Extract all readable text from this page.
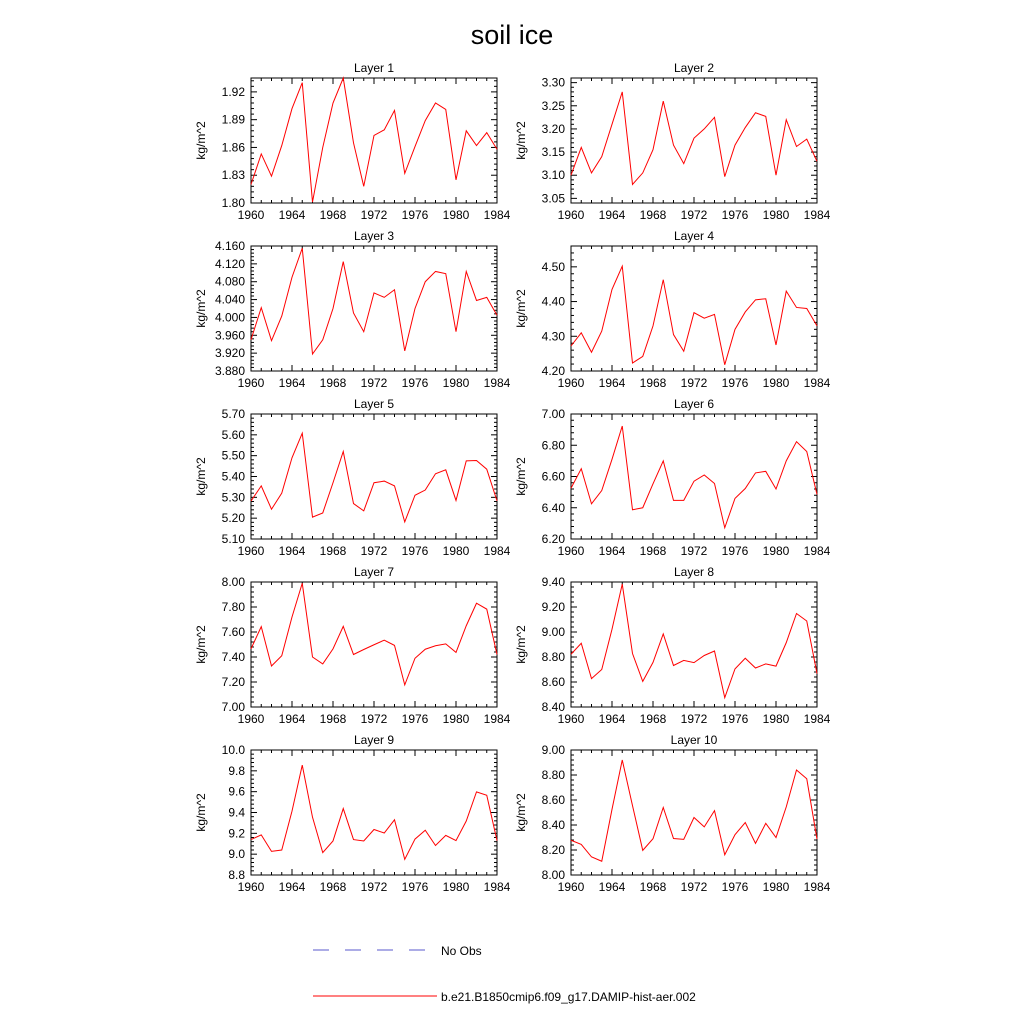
soil ice
Layer 1
kg/m^2
1960 1964 1968 1972 1976 1980 1984
1.80
1.83
1.86
1.89
1.92
Layer 2
kg/m^2
1960 1964 1968 1972 1976 1980 1984
3.05
3.10
3.15
3.20
3.25
3.30
Layer 3
kg/m^2
1960 1964 1968 1972 1976 1980 1984
3.880
3.920
3.960
4.000
4.040
4.080
4.120
4.160
Layer 4
kg/m^2
1960 1964 1968 1972 1976 1980 1984
4.20
4.30
4.40
4.50
Layer 5
kg/m^2
1960 1964 1968 1972 1976 1980 1984
5.10
5.20
5.30
5.40
5.50
5.60
5.70
Layer 6
kg/m^2
1960 1964 1968 1972 1976 1980 1984
6.20
6.40
6.60
6.80
7.00
Layer 7
kg/m^2
1960 1964 1968 1972 1976 1980 1984
7.00
7.20
7.40
7.60
7.80
8.00
Layer 8
kg/m^2
1960 1964 1968 1972 1976 1980 1984
8.40
8.60
8.80
9.00
9.20
9.40
Layer 9
kg/m^2
1960 1964 1968 1972 1976 1980 1984
8.8
9.0
9.2
9.4
9.6
9.8
10.0
Layer 10
kg/m^2
1960 1964 1968 1972 1976 1980 1984
8.00
8.20
8.40
8.60
8.80
9.00
No Obs
b.e21.B1850cmip6.f09_g17.DAMIP-hist-aer.002
